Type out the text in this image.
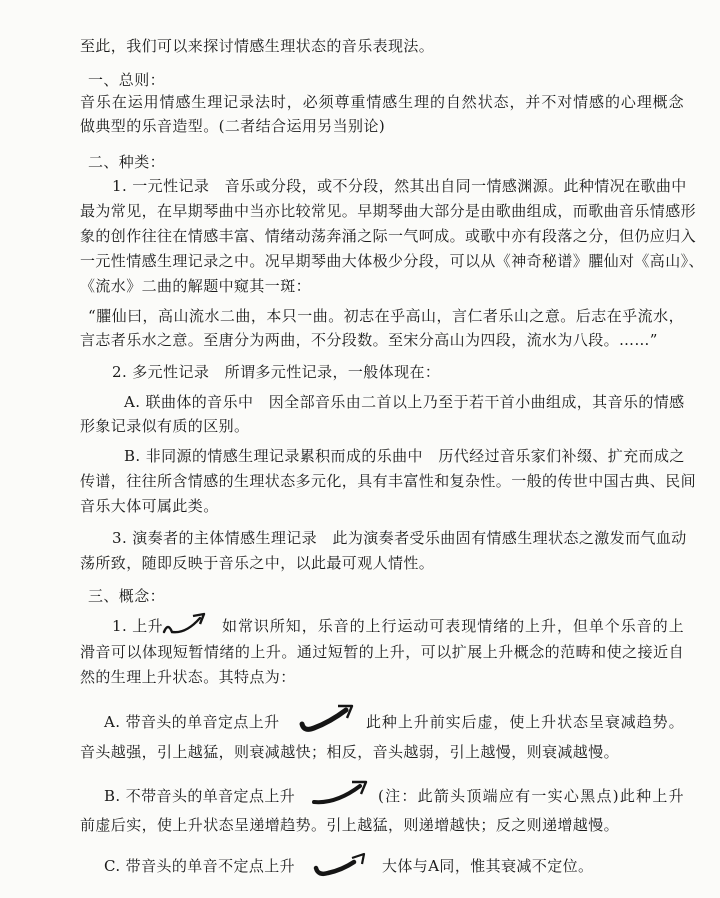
至此，我们可以来探讨情感生理状态的音乐表现法。
一、总则：
音乐在运用情感生理记录法时，必须尊重情感生理的自然状态，并不对情感的心理概念
做典型的乐音造型。(二者结合运用另当别论)
二、种类：
1. 一元性记录　音乐或分段，或不分段，然其出自同一情感渊源。此种情况在歌曲中
最为常见，在早期琴曲中当亦比较常见。早期琴曲大部分是由歌曲组成，而歌曲音乐情感形
象的创作往往在情感丰富、情绪动荡奔涌之际一气呵成。或歌中亦有段落之分，但仍应归入
一元性情感生理记录之中。况早期琴曲大体极少分段，可以从《神奇秘谱》臞仙对《高山》、
《流水》二曲的解题中窥其一斑：
“臞仙曰，高山流水二曲，本只一曲。初志在乎高山，言仁者乐山之意。后志在乎流水，
言志者乐水之意。至唐分为两曲，不分段数。至宋分高山为四段，流水为八段。……”
2. 多元性记录　所谓多元性记录，一般体现在：
A. 联曲体的音乐中　因全部音乐由二首以上乃至于若干首小曲组成，其音乐的情感
形象记录似有质的区别。
B. 非同源的情感生理记录累积而成的乐曲中　历代经过音乐家们补缀、扩充而成之
传谱，往往所含情感的生理状态多元化，具有丰富性和复杂性。一般的传世中国古典、民间
音乐大体可属此类。
3. 演奏者的主体情感生理记录　此为演奏者受乐曲固有情感生理状态之激发而气血动
荡所致，随即反映于音乐之中，以此最可观人情性。
三、概念：
1. 上升	如常识所知，乐音的上行运动可表现情绪的上升，但单个乐音的上
滑音可以体现短暂情绪的上升。通过短暂的上升，可以扩展上升概念的范畴和使之接近自
然的生理上升状态。其特点为：
A. 带音头的单音定点上升	此种上升前实后虚，使上升状态呈衰减趋势。
音头越强，引上越猛，则衰减越快；相反，音头越弱，引上越慢，则衰减越慢。
B. 不带音头的单音定点上升	(注：此箭头顶端应有一实心黑点)此种上升
前虚后实，使上升状态呈递增趋势。引上越猛，则递增越快；反之则递增越慢。
C. 带音头的单音不定点上升	大体与A同，惟其衰减不定位。
